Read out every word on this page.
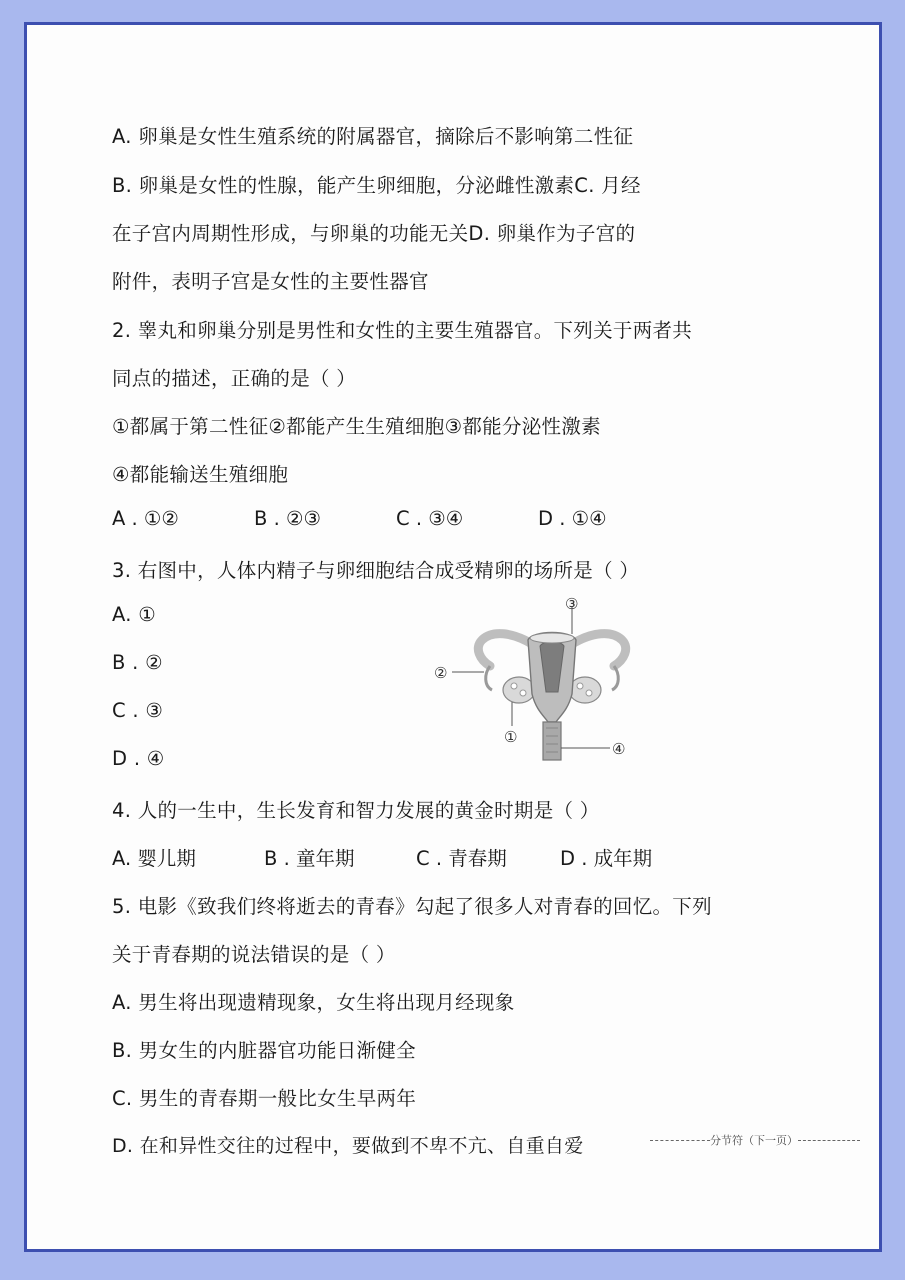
A. 卵巢是女性生殖系统的附属器官，摘除后不影响第二性征
B. 卵巢是女性的性腺，能产生卵细胞，分泌雌性激素C. 月经
在子宫内周期性形成，与卵巢的功能无关D. 卵巢作为子宫的
附件，表明子宫是女性的主要性器官
2. 睾丸和卵巢分别是男性和女性的主要生殖器官。下列关于两者共
同点的描述，正确的是（ ）
①都属于第二性征②都能产生生殖细胞③都能分泌性激素
④都能输送生殖细胞
A . ①②	B . ②③	C . ③④	D . ①④
3. 右图中，人体内精子与卵细胞结合成受精卵的场所是（ ）
A. ①
B . ②
C . ③
D . ④
③
②
①
④
4. 人的一生中，生长发育和智力发展的黄金时期是（ ）
A. 婴儿期	B . 童年期	C . 青春期	D . 成年期
5. 电影《致我们终将逝去的青春》勾起了很多人对青春的回忆。下列
关于青春期的说法错误的是（ ）
A. 男生将出现遗精现象，女生将出现月经现象
B. 男女生的内脏器官功能日渐健全
C. 男生的青春期一般比女生早两年
D. 在和异性交往的过程中，要做到不卑不亢、自重自爱	分节符（下一页）
